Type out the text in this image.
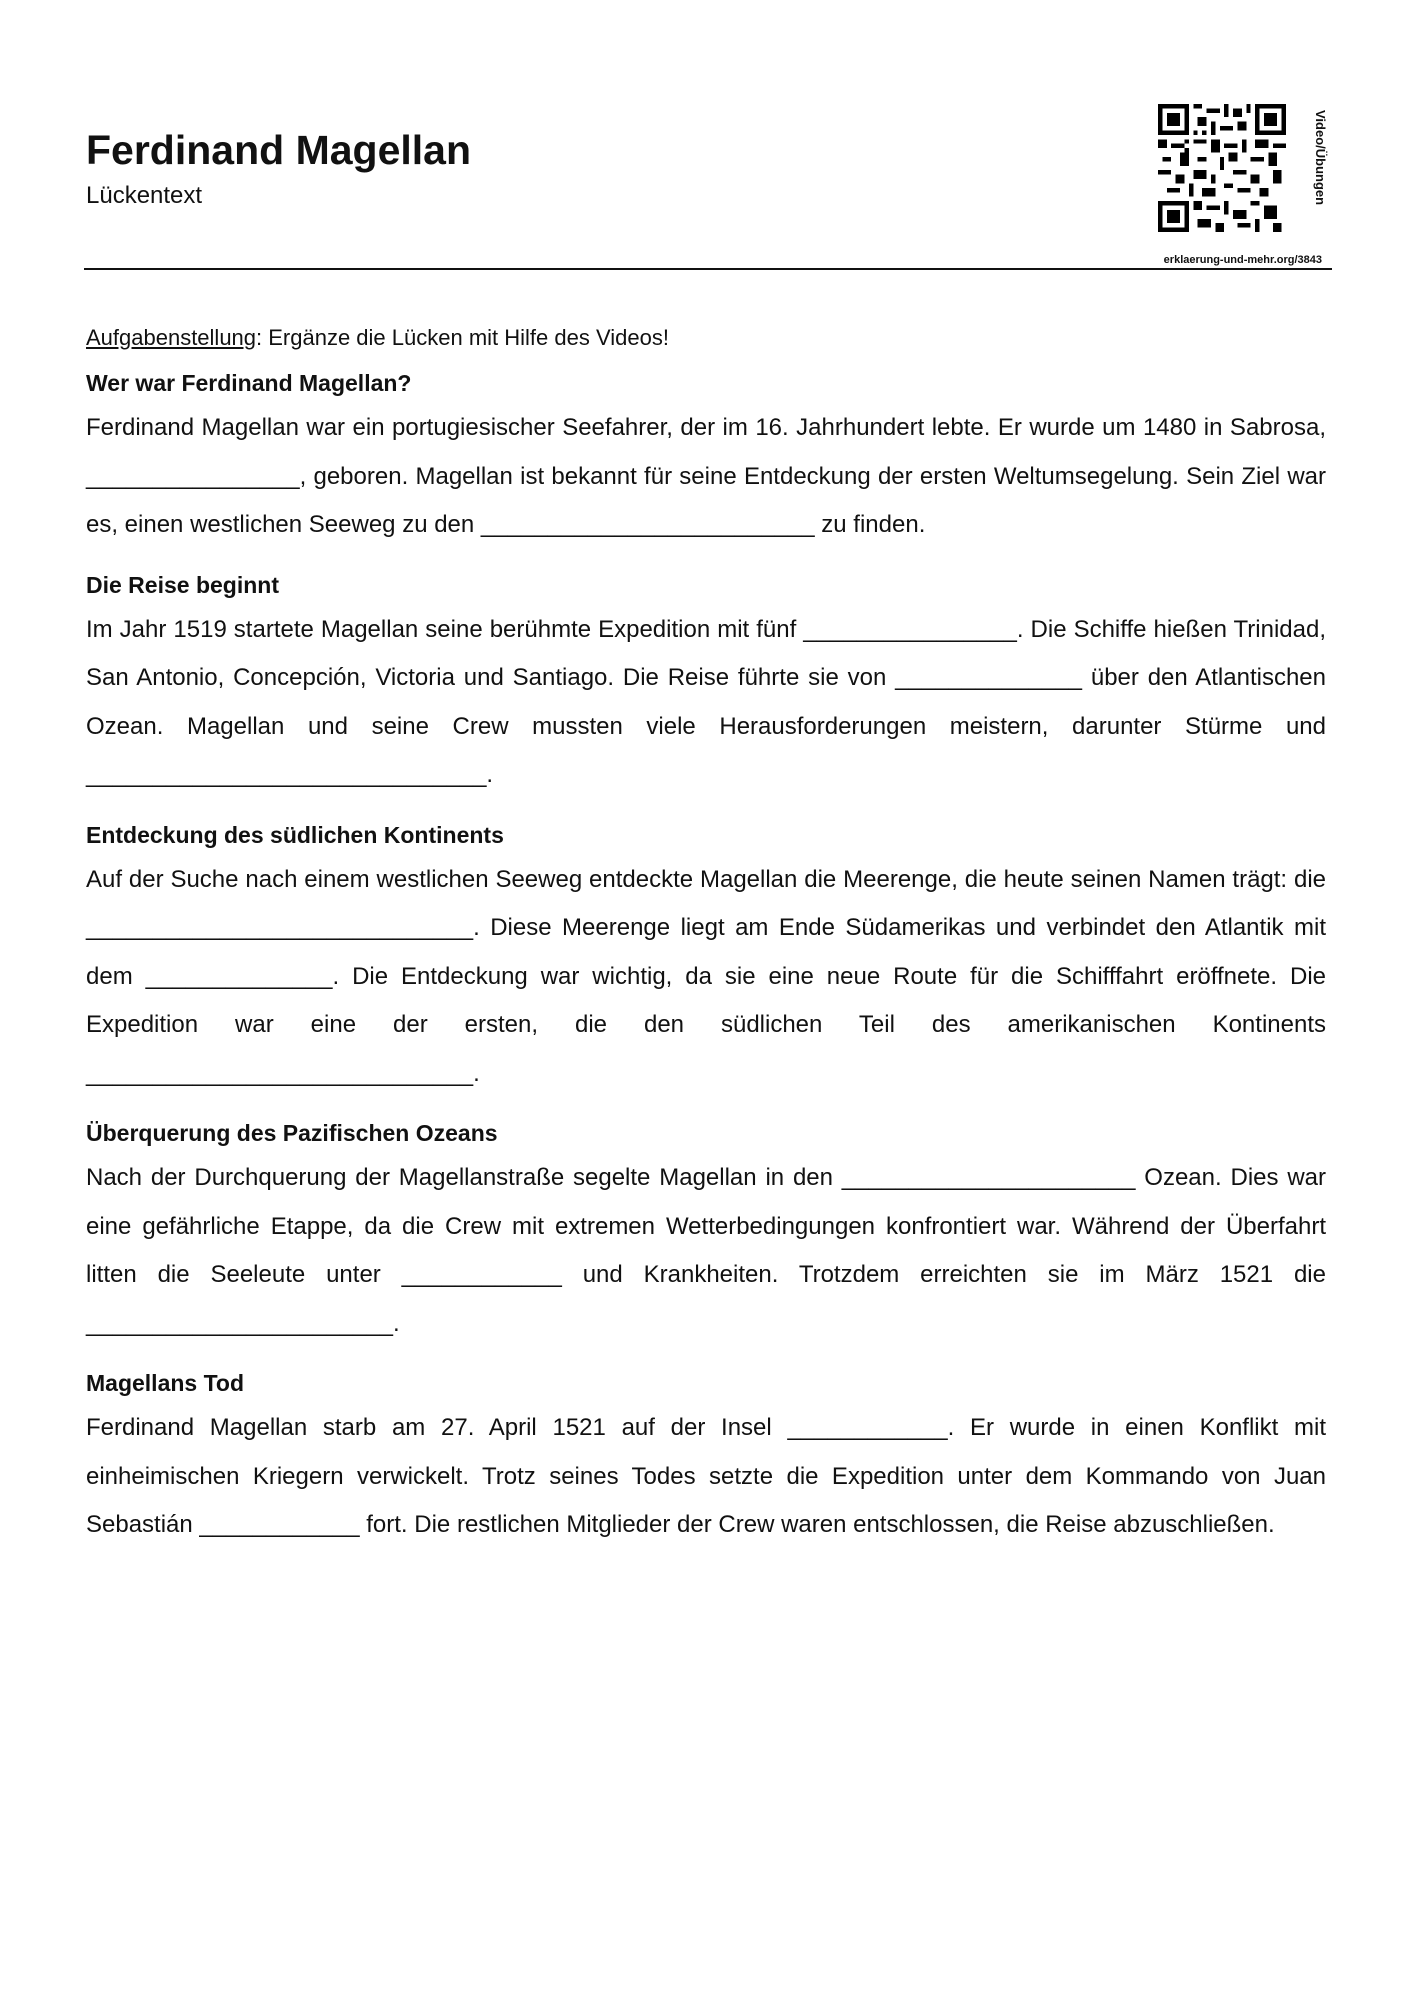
Ferdinand Magellan
Lückentext	Video/Übungen
erklaerung-und-mehr.org/3843

Aufgabenstellung: Ergänze die Lücken mit Hilfe des Videos!

Wer war Ferdinand Magellan?

Ferdinand Magellan war ein portugiesischer Seefahrer, der im 16. Jahrhundert lebte. Er wurde um 1480 in Sabrosa, ________________, geboren. Magellan ist bekannt für seine Entdeckung der ersten Weltumsegelung. Sein Ziel war es, einen westlichen Seeweg zu den _________________________ zu finden.

Die Reise beginnt

Im Jahr 1519 startete Magellan seine berühmte Expedition mit fünf ________________. Die Schiffe hießen Trinidad, San Antonio, Concepción, Victoria und Santiago. Die Reise führte sie von ______________ über den Atlantischen Ozean. Magellan und seine Crew mussten viele Herausforderungen meistern, darunter Stürme und ______________________________.

Entdeckung des südlichen Kontinents

Auf der Suche nach einem westlichen Seeweg entdeckte Magellan die Meerenge, die heute seinen Namen trägt: die _____________________________. Diese Meerenge liegt am Ende Südamerikas und verbindet den Atlantik mit dem ______________. Die Entdeckung war wichtig, da sie eine neue Route für die Schifffahrt eröffnete. Die Expedition war eine der ersten, die den südlichen Teil des amerikanischen Kontinents _____________________________.

Überquerung des Pazifischen Ozeans

Nach der Durchquerung der Magellanstraße segelte Magellan in den ______________________ Ozean. Dies war eine gefährliche Etappe, da die Crew mit extremen Wetterbedingungen konfrontiert war. Während der Überfahrt litten die Seeleute unter ____________ und Krankheiten. Trotzdem erreichten sie im März 1521 die _______________________.

Magellans Tod

Ferdinand Magellan starb am 27. April 1521 auf der Insel ____________. Er wurde in einen Konflikt mit einheimischen Kriegern verwickelt. Trotz seines Todes setzte die Expedition unter dem Kommando von Juan Sebastián ____________ fort. Die restlichen Mitglieder der Crew waren entschlossen, die Reise abzuschließen.
